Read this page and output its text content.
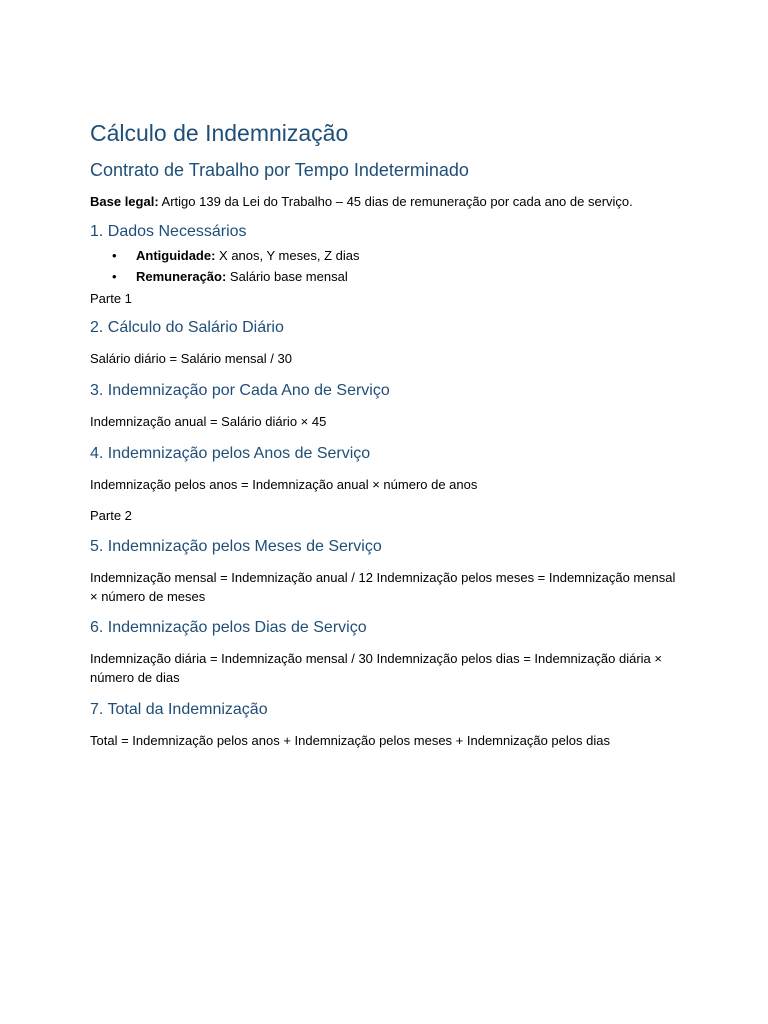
Cálculo de Indemnização
Contrato de Trabalho por Tempo Indeterminado

Base legal: Artigo 139 da Lei do Trabalho – 45 dias de remuneração por cada ano de serviço.

1. Dados Necessários
• Antiguidade: X anos, Y meses, Z dias
• Remuneração: Salário base mensal

Parte 1

2. Cálculo do Salário Diário

Salário diário = Salário mensal / 30

3. Indemnização por Cada Ano de Serviço

Indemnização anual = Salário diário × 45

4. Indemnização pelos Anos de Serviço

Indemnização pelos anos = Indemnização anual × número de anos

Parte 2

5. Indemnização pelos Meses de Serviço

Indemnização mensal = Indemnização anual / 12 Indemnização pelos meses = Indemnização mensal × número de meses

6. Indemnização pelos Dias de Serviço

Indemnização diária = Indemnização mensal / 30 Indemnização pelos dias = Indemnização diária × número de dias

7. Total da Indemnização

Total = Indemnização pelos anos + Indemnização pelos meses + Indemnização pelos dias
